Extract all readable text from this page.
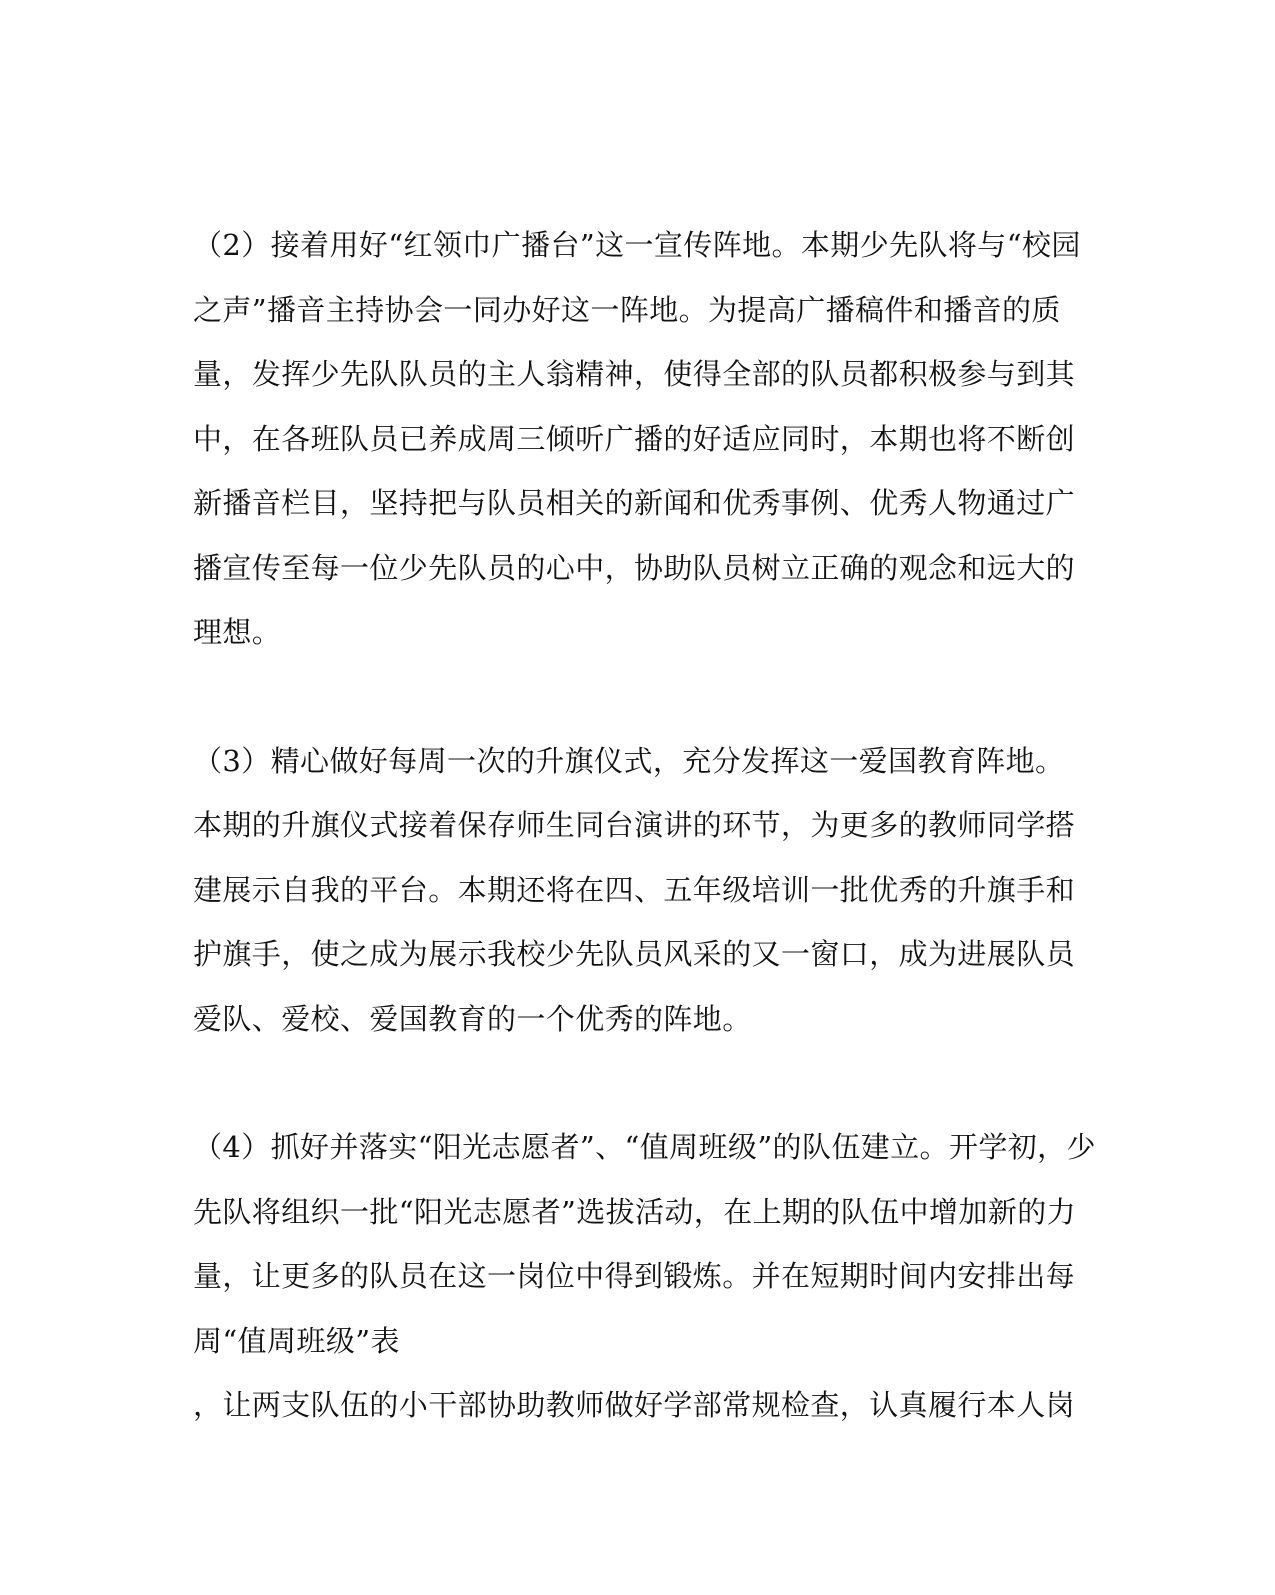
（2）接着用好“红领巾广播台”这一宣传阵地。本期少先队将与“校园
之声”播音主持协会一同办好这一阵地。为提高广播稿件和播音的质
量，发挥少先队队员的主人翁精神，使得全部的队员都积极参与到其
中，在各班队员已养成周三倾听广播的好适应同时，本期也将不断创
新播音栏目，坚持把与队员相关的新闻和优秀事例、优秀人物通过广
播宣传至每一位少先队员的心中，协助队员树立正确的观念和远大的
理想。
（3）精心做好每周一次的升旗仪式，充分发挥这一爱国教育阵地。
本期的升旗仪式接着保存师生同台演讲的环节，为更多的教师同学搭
建展示自我的平台。本期还将在四、五年级培训一批优秀的升旗手和
护旗手，使之成为展示我校少先队员风采的又一窗口，成为进展队员
爱队、爱校、爱国教育的一个优秀的阵地。
（4）抓好并落实“阳光志愿者”、“值周班级”的队伍建立。开学初，少
先队将组织一批“阳光志愿者”选拔活动，在上期的队伍中增加新的力
量，让更多的队员在这一岗位中得到锻炼。并在短期时间内安排出每
周“值周班级”表
，让两支队伍的小干部协助教师做好学部常规检查，认真履行本人岗
